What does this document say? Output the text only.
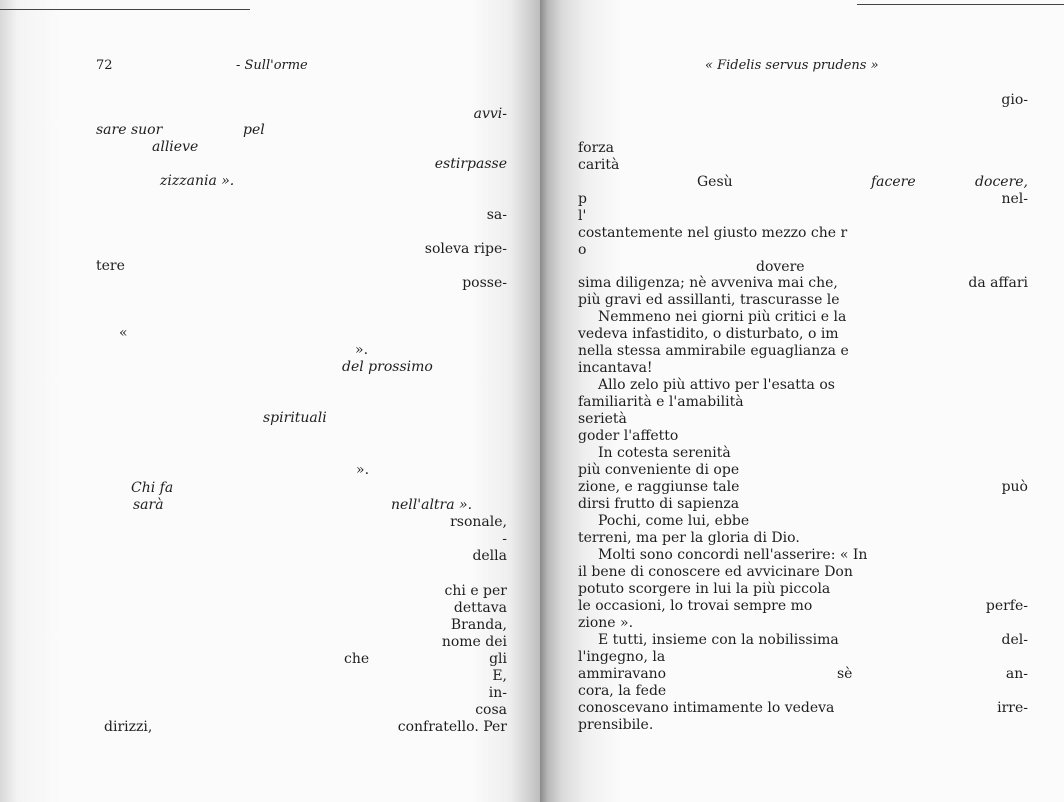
72	- Sull'orme
avvi-
sare suor	pel
allieve
estirpasse
zizzania ».
sa-
soleva ripe-
tere
posse-
«
».
del prossimo
spirituali
».
Chi fa
sarà	nell'altra ».
rsonale,
-
della
chi e per
dettava
Branda,
nome dei
che	gli
E,
in-
cosa
dirizzi,	confratello. Per
« Fidelis servus prudens »
gio-
forza
carità
Gesù	facere	docere,
p	nel-
l'
costantemente nel giusto mezzo che r
o
dovere
sima diligenza; nè avveniva mai che,	da affari
più gravi ed assillanti, trascurasse le
Nemmeno nei giorni più critici e la
vedeva infastidito, o disturbato, o im
nella stessa ammirabile eguaglianza e
incantava!
Allo zelo più attivo per l'esatta os
familiarità e l'amabilità
serietà
goder l'affetto
In cotesta serenità
più conveniente di ope
zione, e raggiunse tale	può
dirsi frutto di sapienza
Pochi, come lui, ebbe
terreni, ma per la gloria di Dio.
Molti sono concordi nell'asserire: « In
il bene di conoscere ed avvicinare Don
potuto scorgere in lui la più piccola
le occasioni, lo trovai sempre mo	perfe-
zione ».
E tutti, insieme con la nobilissima	del-
l'ingegno, la
ammiravano	sè	an-
cora, la fede
conoscevano intimamente lo vedeva	irre-
prensibile.
